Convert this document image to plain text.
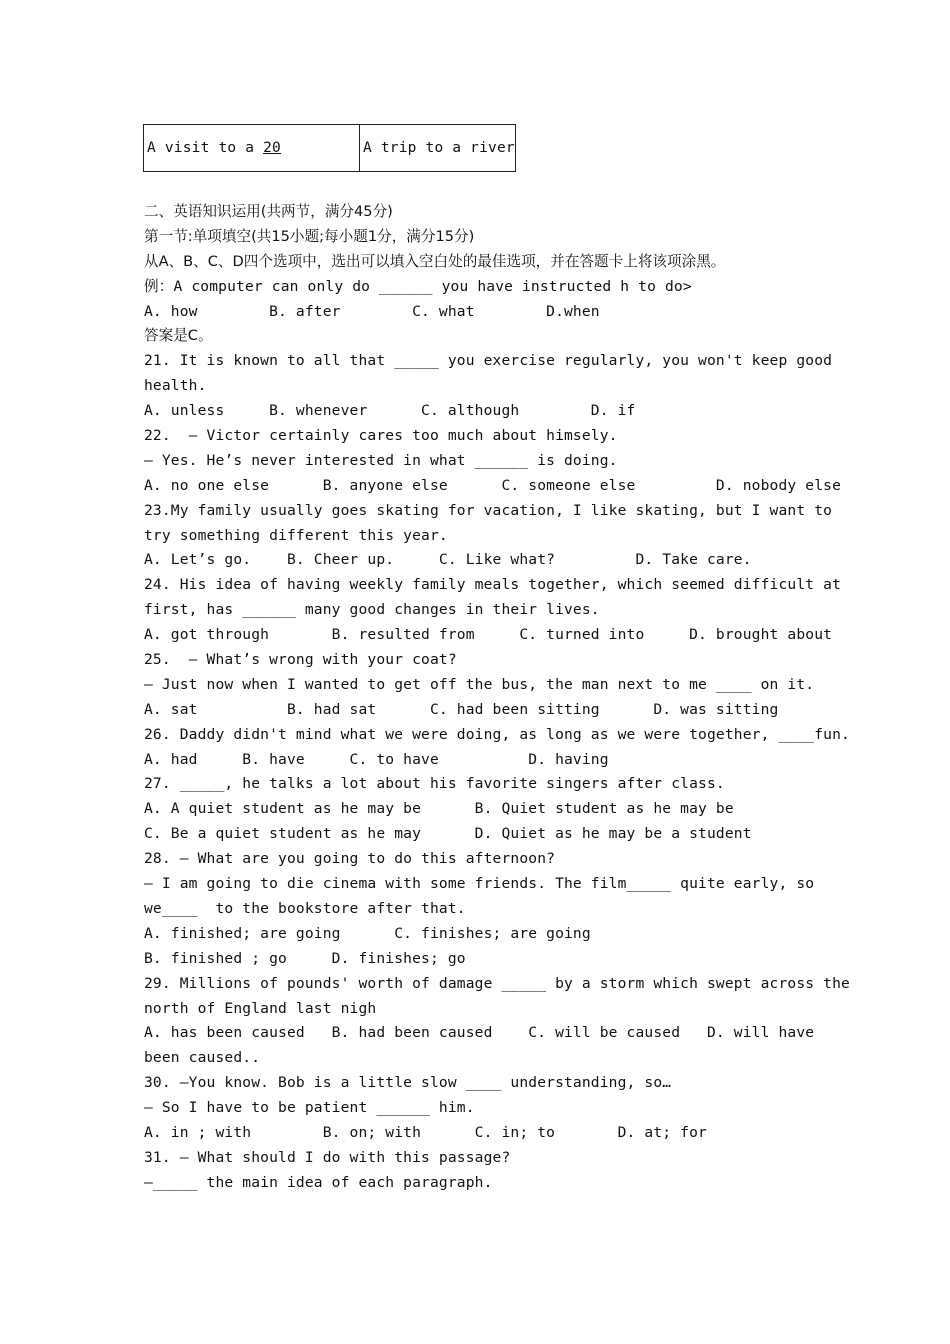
A visit to a 20	A trip to a river
二、英语知识运用(共两节，满分45分)
第一节:单项填空(共15小题;每小题1分，满分15分)
从A、B、C、D四个选项中，选出可以填入空白处的最佳选项，并在答题卡上将该项涂黑。
例：A computer can only do ______ you have instructed h to do>
A. how        B. after        C. what        D.when
答案是C。
21. It is known to all that _____ you exercise regularly, you won't keep good
health.
A. unless     B. whenever      C. although        D. if
22.  — Victor certainly cares too much about himsely.
— Yes. He’s never interested in what ______ is doing.
A. no one else      B. anyone else      C. someone else         D. nobody else
23.My family usually goes skating for vacation, I like skating, but I want to
try something different this year.
A. Let’s go.    B. Cheer up.     C. Like what?         D. Take care.
24. His idea of having weekly family meals together, which seemed difficult at
first, has ______ many good changes in their lives.
A. got through       B. resulted from     C. turned into     D. brought about
25.  — What’s wrong with your coat?
— Just now when I wanted to get off the bus, the man next to me ____ on it.
A. sat          B. had sat      C. had been sitting      D. was sitting
26. Daddy didn't mind what we were doing, as long as we were together, ____fun.
A. had     B. have     C. to have          D. having
27. _____, he talks a lot about his favorite singers after class.
A. A quiet student as he may be      B. Quiet student as he may be
C. Be a quiet student as he may      D. Quiet as he may be a student
28. — What are you going to do this afternoon?
— I am going to die cinema with some friends. The film_____ quite early, so
we____  to the bookstore after that.
A. finished; are going      C. finishes; are going
B. finished ; go     D. finishes; go
29. Millions of pounds' worth of damage _____ by a storm which swept across the
north of England last nigh
A. has been caused   B. had been caused    C. will be caused   D. will have
been caused..
30. —You know. Bob is a little slow ____ understanding, so…
— So I have to be patient ______ him.
A. in ; with        B. on; with      C. in; to       D. at; for
31. — What should I do with this passage?
—_____ the main idea of each paragraph.
